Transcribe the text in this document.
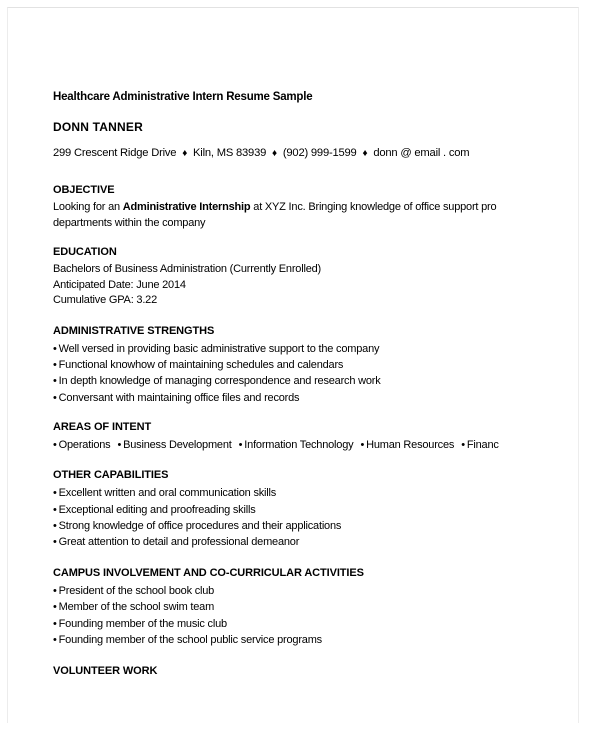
Healthcare Administrative Intern Resume Sample
DONN TANNER
299 Crescent Ridge Drive ♦ Kiln, MS 83939 ♦ (902) 999-1599 ♦ donn @ email . com
OBJECTIVE
Looking for an Administrative Internship at XYZ Inc. Bringing knowledge of office support pro
departments within the company
EDUCATION
Bachelors of Business Administration (Currently Enrolled)
Anticipated Date: June 2014
Cumulative GPA: 3.22
ADMINISTRATIVE STRENGTHS
• Well versed in providing basic administrative support to the company
• Functional knowhow of maintaining schedules and calendars
• In depth knowledge of managing correspondence and research work
• Conversant with maintaining office files and records
AREAS OF INTENT
• Operations • Business Development • Information Technology • Human Resources • Financ
OTHER CAPABILITIES
• Excellent written and oral communication skills
• Exceptional editing and proofreading skills
• Strong knowledge of office procedures and their applications
• Great attention to detail and professional demeanor
CAMPUS INVOLVEMENT AND CO-CURRICULAR ACTIVITIES
• President of the school book club
• Member of the school swim team
• Founding member of the music club
• Founding member of the school public service programs
VOLUNTEER WORK
